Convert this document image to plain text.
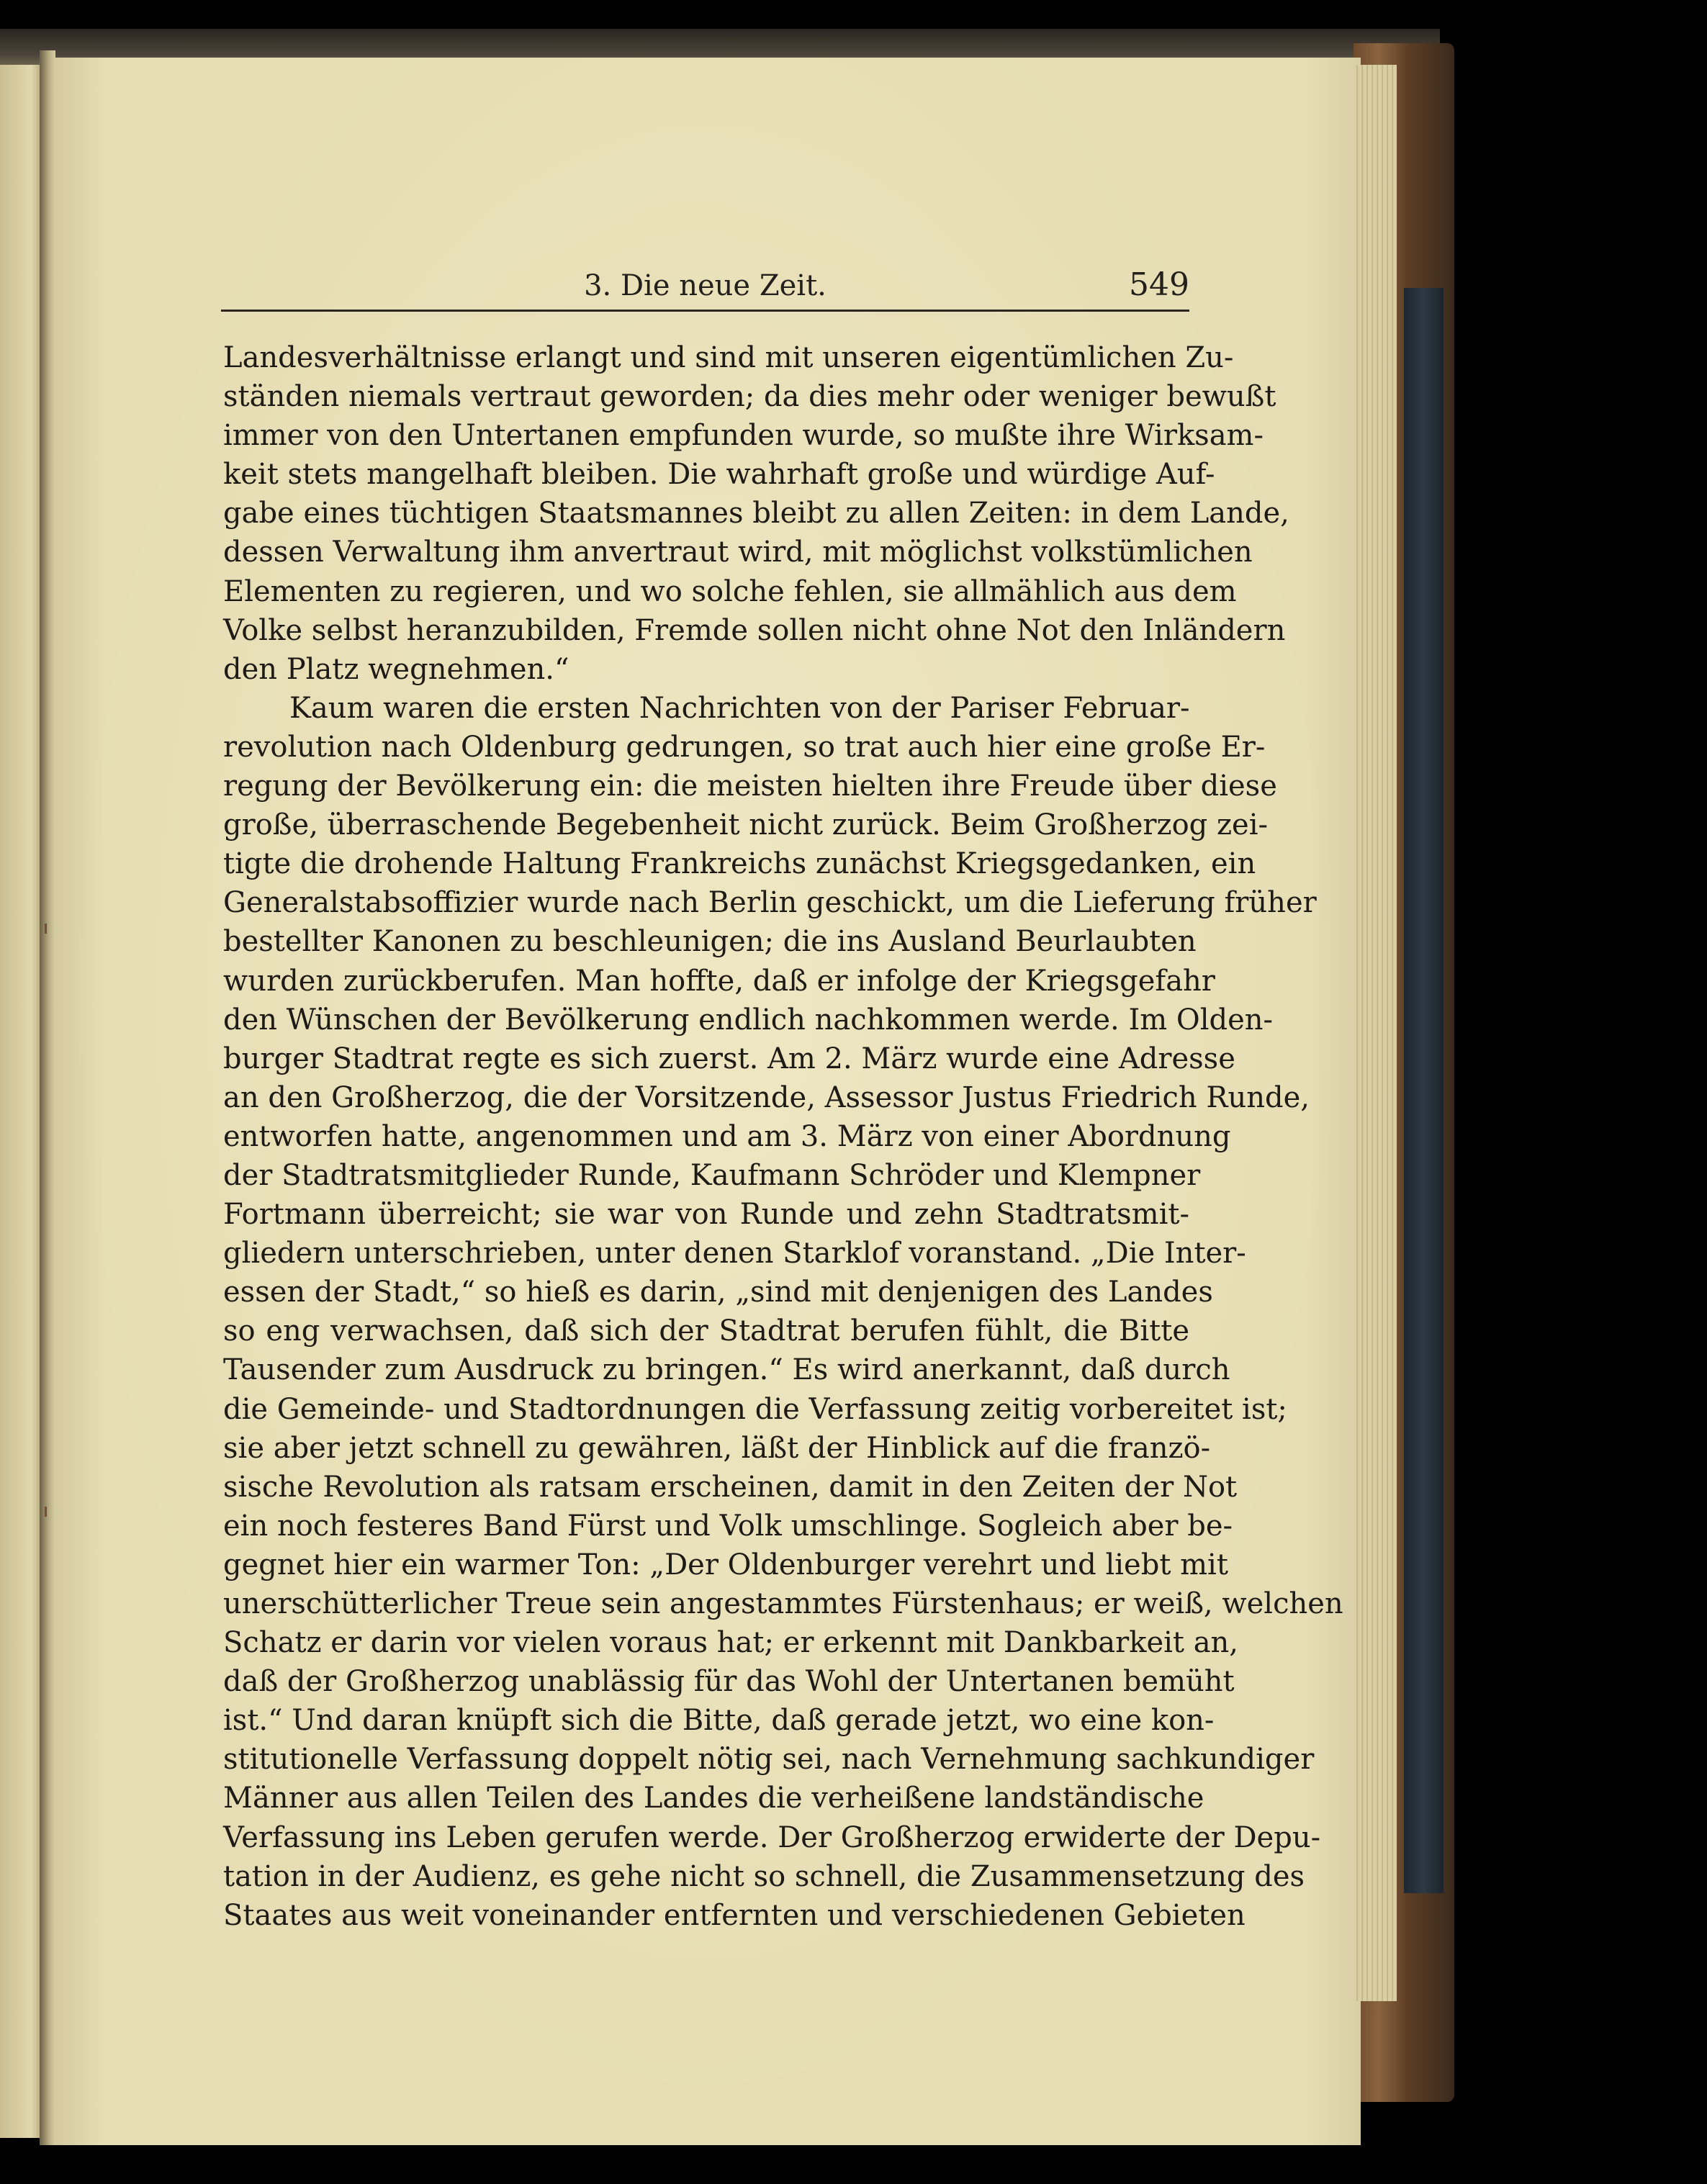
3. Die neue Zeit.	549
Landesverhältnisse erlangt und sind mit unseren eigentümlichen Zu-
ständen niemals vertraut geworden; da dies mehr oder weniger bewußt
immer von den Untertanen empfunden wurde, so mußte ihre Wirksam-
keit stets mangelhaft bleiben. Die wahrhaft große und würdige Auf-
gabe eines tüchtigen Staatsmannes bleibt zu allen Zeiten: in dem Lande,
dessen Verwaltung ihm anvertraut wird, mit möglichst volkstümlichen
Elementen zu regieren, und wo solche fehlen, sie allmählich aus dem
Volke selbst heranzubilden, Fremde sollen nicht ohne Not den Inländern
den Platz wegnehmen.“
Kaum waren die ersten Nachrichten von der Pariser Februar-
revolution nach Oldenburg gedrungen, so trat auch hier eine große Er-
regung der Bevölkerung ein: die meisten hielten ihre Freude über diese
große, überraschende Begebenheit nicht zurück. Beim Großherzog zei-
tigte die drohende Haltung Frankreichs zunächst Kriegsgedanken, ein
Generalstabsoffizier wurde nach Berlin geschickt, um die Lieferung früher
bestellter Kanonen zu beschleunigen; die ins Ausland Beurlaubten
wurden zurückberufen. Man hoffte, daß er infolge der Kriegsgefahr
den Wünschen der Bevölkerung endlich nachkommen werde. Im Olden-
burger Stadtrat regte es sich zuerst. Am 2. März wurde eine Adresse
an den Großherzog, die der Vorsitzende, Assessor Justus Friedrich Runde,
entworfen hatte, angenommen und am 3. März von einer Abordnung
der Stadtratsmitglieder Runde, Kaufmann Schröder und Klempner
Fortmann überreicht; sie war von Runde und zehn Stadtratsmit-
gliedern unterschrieben, unter denen Starklof voranstand. „Die Inter-
essen der Stadt,“ so hieß es darin, „sind mit denjenigen des Landes
so eng verwachsen, daß sich der Stadtrat berufen fühlt, die Bitte
Tausender zum Ausdruck zu bringen.“ Es wird anerkannt, daß durch
die Gemeinde- und Stadtordnungen die Verfassung zeitig vorbereitet ist;
sie aber jetzt schnell zu gewähren, läßt der Hinblick auf die franzö-
sische Revolution als ratsam erscheinen, damit in den Zeiten der Not
ein noch festeres Band Fürst und Volk umschlinge. Sogleich aber be-
gegnet hier ein warmer Ton: „Der Oldenburger verehrt und liebt mit
unerschütterlicher Treue sein angestammtes Fürstenhaus; er weiß, welchen
Schatz er darin vor vielen voraus hat; er erkennt mit Dankbarkeit an,
daß der Großherzog unablässig für das Wohl der Untertanen bemüht
ist.“ Und daran knüpft sich die Bitte, daß gerade jetzt, wo eine kon-
stitutionelle Verfassung doppelt nötig sei, nach Vernehmung sachkundiger
Männer aus allen Teilen des Landes die verheißene landständische
Verfassung ins Leben gerufen werde. Der Großherzog erwiderte der Depu-
tation in der Audienz, es gehe nicht so schnell, die Zusammensetzung des
Staates aus weit voneinander entfernten und verschiedenen Gebieten
